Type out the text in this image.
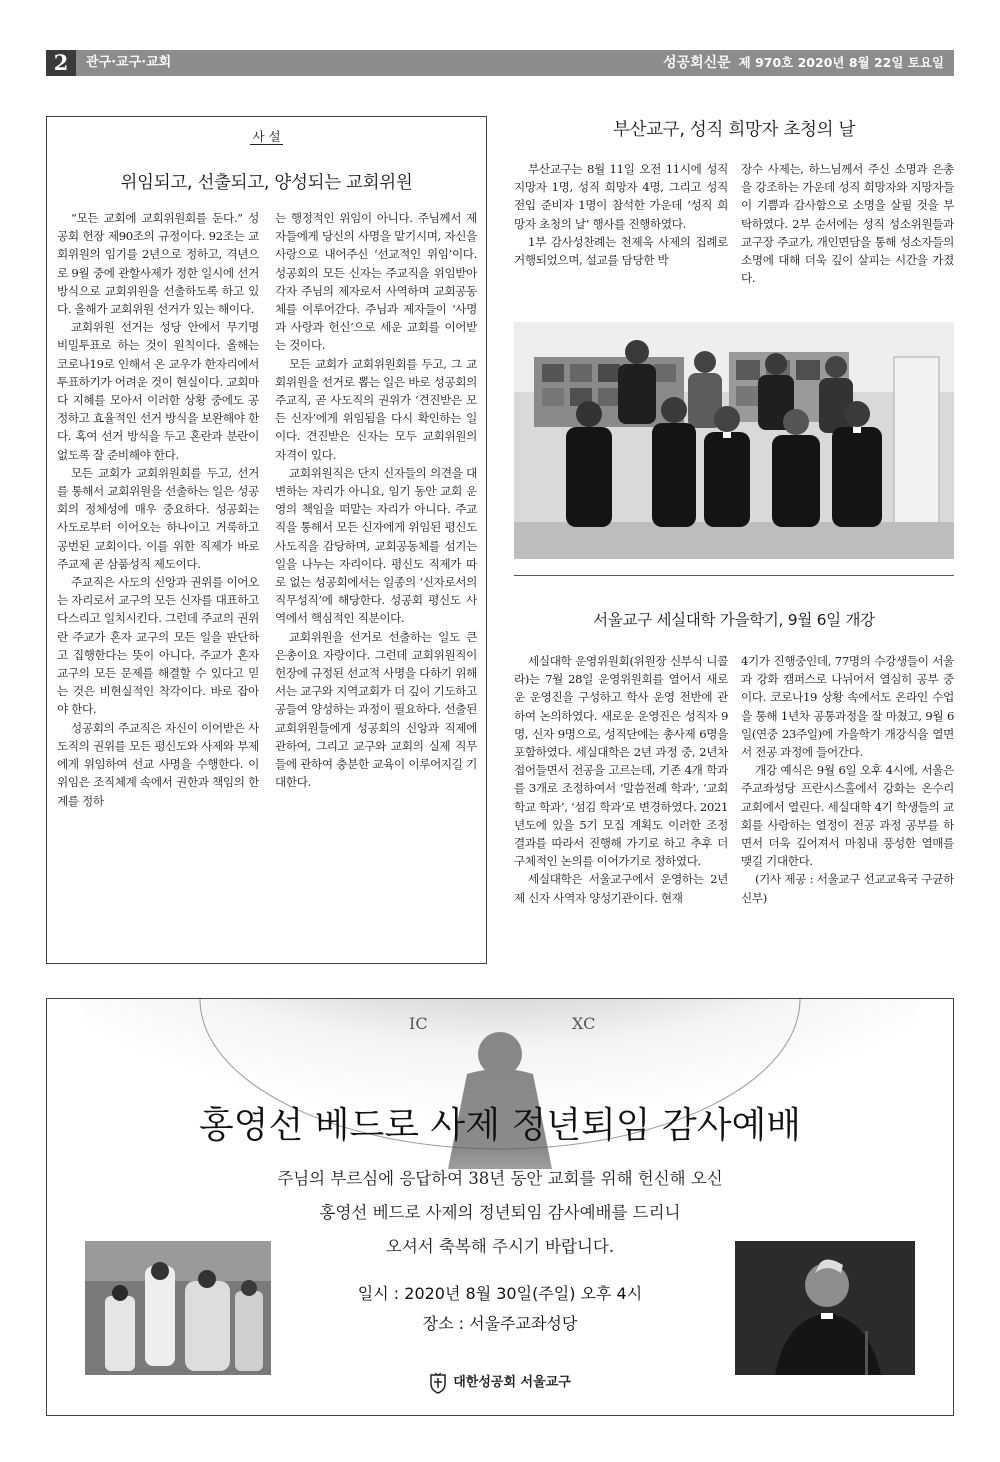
2	관구·교구·교회	성공회신문 제 970호 2020년 8월 22일 토요일
사 설
위임되고, 선출되고, 양성되는 교회위원

“모든 교회에 교회위원회를 둔다.” 성공회 헌장 제90조의 규정이다. 92조는 교회위원의 임기를 2년으로 정하고, 격년으로 9월 중에 관할사제가 정한 일시에 선거 방식으로 교회위원을 선출하도록 하고 있다. 올해가 교회위원 선거가 있는 해이다.

교회위원 선거는 성당 안에서 무기명 비밀투표로 하는 것이 원칙이다. 올해는 코로나19로 인해서 온 교우가 한자리에서 투표하기가 어려운 것이 현실이다. 교회마다 지혜를 모아서 이러한 상황 중에도 공정하고 효율적인 선거 방식을 보완해야 한다. 혹여 선거 방식을 두고 혼란과 분란이 없도록 잘 준비해야 한다.

모든 교회가 교회위원회를 두고, 선거를 통해서 교회위원을 선출하는 일은 성공회의 정체성에 매우 중요하다. 성공회는 사도로부터 이어오는 하나이고 거룩하고 공번된 교회이다. 이를 위한 직제가 바로 주교제 곧 삼품성직 제도이다.

주교직은 사도의 신앙과 권위를 이어오는 자리로서 교구의 모든 신자를 대표하고 다스리고 일치시킨다. 그런데 주교의 권위란 주교가 혼자 교구의 모든 일을 판단하고 집행한다는 뜻이 아니다. 주교가 혼자 교구의 모든 문제를 해결할 수 있다고 믿는 것은 비현실적인 착각이다. 바로 잡아야 한다.

성공회의 주교직은 자신이 이어받은 사도직의 권위를 모든 평신도와 사제와 부제에게 위임하여 선교 사명을 수행한다. 이 위임은 조직체계 속에서 권한과 책임의 한계를 정하

는 행정적인 위임이 아니다. 주님께서 제자들에게 당신의 사명을 맡기시며, 자신을 사랑으로 내어주신 ‘선교적인 위임’이다. 성공회의 모든 신자는 주교직을 위임받아 각자 주님의 제자로서 사역하며 교회공동체를 이루어간다. 주님과 제자들이 ‘사명과 사랑과 헌신’으로 세운 교회를 이어받는 것이다.

모든 교회가 교회위원회를 두고, 그 교회위원을 선거로 뽑는 일은 바로 성공회의 주교직, 곧 사도직의 권위가 ‘견진받은 모든 신자’에게 위임됨을 다시 확인하는 일이다. 견진받은 신자는 모두 교회위원의 자격이 있다.

교회위원직은 단지 신자들의 의견을 대변하는 자리가 아니요, 임기 동안 교회 운영의 책임을 떠맡는 자리가 아니다. 주교직을 통해서 모든 신자에게 위임된 평신도 사도직을 감당하며, 교회공동체를 섬기는 일을 나누는 자리이다. 평신도 직제가 따로 없는 성공회에서는 일종의 ‘신자로서의 직무성직’에 해당한다. 성공회 평신도 사역에서 핵심적인 직분이다.

교회위원을 선거로 선출하는 일도 큰 은총이요 자랑이다. 그런데 교회위원직이 헌장에 규정된 선교적 사명을 다하기 위해서는 교구와 지역교회가 더 깊이 기도하고 공들여 양성하는 과정이 필요하다. 선출된 교회위원들에게 성공회의 신앙과 직제에 관하여, 그리고 교구와 교회의 실제 직무들에 관하여 충분한 교육이 이루어지길 기대한다.

부산교구, 성직 희망자 초청의 날

부산교구는 8월 11일 오전 11시에 성직 지망자 1명, 성직 희망자 4명, 그리고 성직 전입 준비자 1명이 참석한 가운데 ‘성직 희망자 초청의 날’ 행사를 진행하였다.

1부 감사성찬례는 천제욱 사제의 집례로 거행되었으며, 설교를 담당한 박

장수 사제는, 하느님께서 주신 소명과 은총을 강조하는 가운데 성직 희망자와 지망자들이 기쁨과 감사함으로 소명을 살필 것을 부탁하였다. 2부 순서에는 성직 성소위원들과 교구장 주교가, 개인면담을 통해 성소자들의 소명에 대해 더욱 깊이 살피는 시간을 가졌다.

서울교구 세실대학 가을학기, 9월 6일 개강

세실대학 운영위원회(위원장 신부식 니콜라)는 7월 28일 운영위원회를 열어서 새로운 운영진을 구성하고 학사 운영 전반에 관하여 논의하였다. 새로운 운영진은 성직자 9명, 신자 9명으로, 성직단에는 총사제 6명을 포함하였다. 세실대학은 2년 과정 중, 2년차 접어들면서 전공을 고르는데, 기존 4개 학과를 3개로 조정하여서 ‘말씀전례 학과’, ‘교회학교 학과’, ‘섬김 학과’로 변경하였다. 2021년도에 있을 5기 모집 계획도 이러한 조정 결과를 따라서 진행해 가기로 하고 추후 더 구체적인 논의를 이어가기로 정하였다.

세실대학은 서울교구에서 운영하는 2년제 신자 사역자 양성기관이다. 현재

4기가 진행중인데, 77명의 수강생들이 서울과 강화 캠퍼스로 나뉘어서 열심히 공부 중이다. 코로나19 상황 속에서도 온라인 수업을 통해 1년차 공통과정을 잘 마쳤고, 9월 6일(연중 23주일)에 가을학기 개강식을 열면서 전공 과정에 들어간다.

개강 예식은 9월 6일 오후 4시에, 서울은 주교좌성당 프란시스홀에서 강화는 온수리교회에서 열린다. 세실대학 4기 학생들의 교회를 사랑하는 열정이 전공 과정 공부를 하면서 더욱 깊어져서 마침내 풍성한 열매를 맺길 기대한다.

(기사 제공 : 서울교구 선교교육국 구균하 신부)

IC	XC
홍영선 베드로 사제 정년퇴임 감사예배
주님의 부르심에 응답하여 38년 동안 교회를 위해 헌신해 오신
홍영선 베드로 사제의 정년퇴임 감사예배를 드리니
오셔서 축복해 주시기 바랍니다.
일시 : 2020년 8월 30일(주일) 오후 4시
장소 : 서울주교좌성당
대한성공회 서울교구
